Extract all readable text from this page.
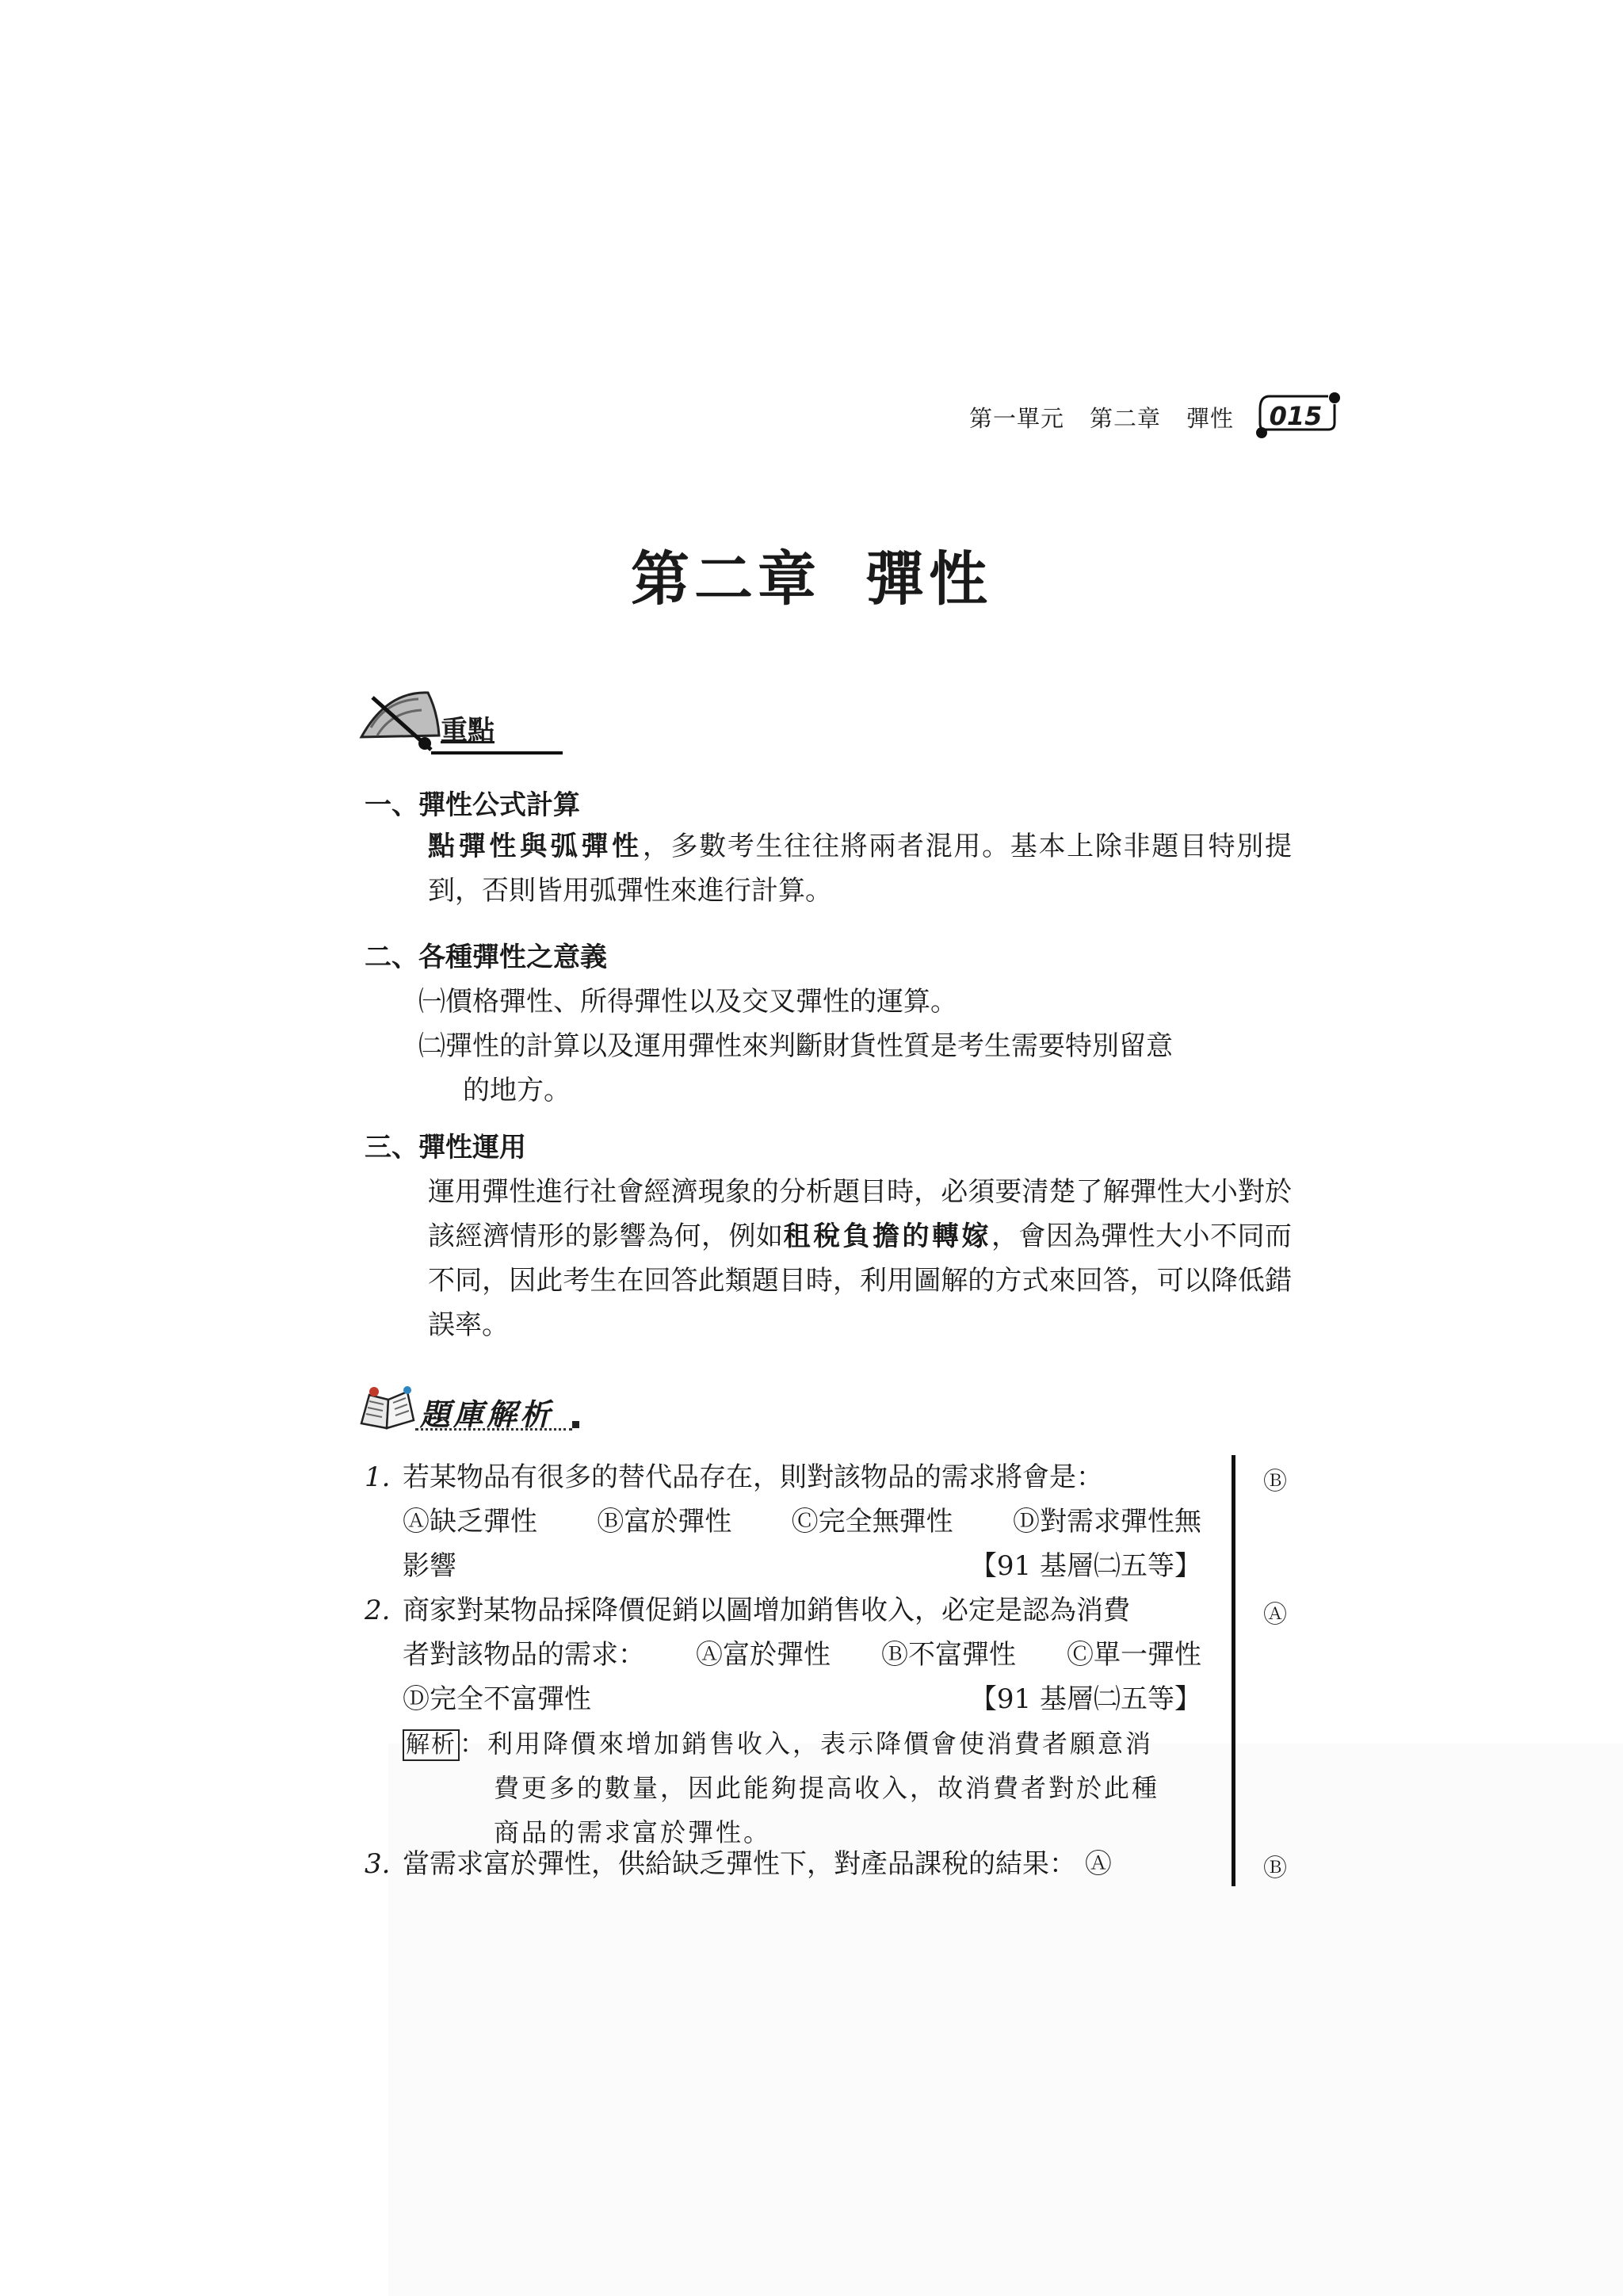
第一單元 第二章 彈性 015
第二章 彈性
重點
一、彈性公式計算
點彈性與弧彈性，多數考生往往將兩者混用。基本上除非題目特別提到，否則皆用弧彈性來進行計算。
二、各種彈性之意義
㈠價格彈性、所得彈性以及交叉彈性的運算。
㈡彈性的計算以及運用彈性來判斷財貨性質是考生需要特別留意
的地方。
三、彈性運用
運用彈性進行社會經濟現象的分析題目時，必須要清楚了解彈性大小對於該經濟情形的影響為何，例如租稅負擔的轉嫁，會因為彈性大小不同而不同，因此考生在回答此類題目時，利用圖解的方式來回答，可以降低錯誤率。
題庫解析
1. 若某物品有很多的替代品存在，則對該物品的需求將會是：
Ⓐ缺乏彈性 Ⓑ富於彈性 Ⓒ完全無彈性 Ⓓ對需求彈性無
影響	【91 基層㈡五等】
Ⓑ
2. 商家對某物品採降價促銷以圖增加銷售收入，必定是認為消費
者對該物品的需求： Ⓐ富於彈性 Ⓑ不富彈性 Ⓒ單一彈性
Ⓓ完全不富彈性	【91 基層㈡五等】
Ⓐ
解析 ：利用降價來增加銷售收入，表示降價會使消費者願意消
費更多的數量，因此能夠提高收入，故消費者對於此種
商品的需求富於彈性。
3. 當需求富於彈性，供給缺乏彈性下，對產品課稅的結果： Ⓐ	Ⓑ
